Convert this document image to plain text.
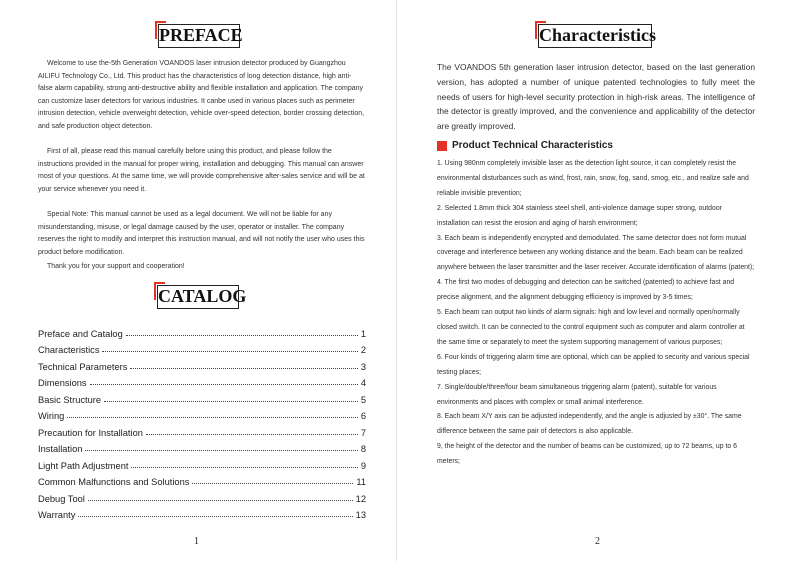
PREFACE

Welcome to use the-5th Generation VOANDOS laser intrusion detector produced by Guangzhou AILIFU Technology Co., Ltd. This product has the characteristics of long detection distance, high anti-false alarm capability, strong anti-destructive ability and flexible installation and application. The company can customize laser detectors for various industries. It canbe used in various places such as perimeter intrusion detection, vehicle overweight detection, vehicle over-speed detection, border crossing detection, and safe production object detection.

First of all, please read this manual carefully before using this product, and please follow the instructions provided in the manual for proper wiring, installation and debugging. This manual can answer most of your questions. At the same time, we will provide comprehensive after-sales service and will be at your service whenever you need it.

Special Note: This manual cannot be used as a legal document. We will not be liable for any misunderstanding, misuse, or legal damage caused by the user, operator or installer. The company reserves the right to modify and interpret this instruction manual, and will not notify the user who uses this product before modification.

Thank you for your support and cooperation!

CATALOG
Preface and Catalog	1
Characteristics	2
Technical Parameters	3
Dimensions	4
Basic Structure	5
Wiring	6
Precaution for Installation	7
Installation	8
Light Path Adjustment	9
Common Malfunctions and Solutions	11
Debug Tool	12
Warranty	13
1
Characteristics

The VOANDOS 5th generation laser intrusion detector, based on the last generation version, has adopted a number of unique patented technologies to fully meet the needs of users for high-level security protection in high-risk areas. The intelligence of the detector is greatly improved, and the convenience and applicability of the detector are greatly improved.

Product Technical Characteristics

1. Using 980nm completely invisible laser as the detection light source, it can completely resist the environmental disturbances such as wind, frost, rain, snow, fog, sand, smog, etc., and realize safe and reliable invisible prevention;

2. Selected 1.8mm thick 304 stainless steel shell, anti-violence damage super strong, outdoor installation can resist the erosion and aging of harsh environment;

3. Each beam is independently encrypted and demodulated. The same detector does not form mutual coverage and interference between any working distance and the beam. Each beam can be realized anywhere between the laser transmitter and the laser receiver. Accurate identification of alarms (patent);

4. The first two modes of debugging and detection can be switched (patented) to achieve fast and precise alignment, and the alignment debugging efficiency is improved by 3-5 times;

5. Each beam can output two kinds of alarm signals: high and low level and normally open/normally closed switch. It can be connected to the control equipment such as computer and alarm controller at the same time or separately to meet the system supporting management of various purposes;

6. Four kinds of triggering alarm time are optional, which can be applied to security and various special testing places;

7. Single/double/three/four beam simultaneous triggering alarm (patent), suitable for various environments and places with complex or small animal interference.

8. Each beam X/Y axis can be adjusted independently, and the angle is adjusted by ±30°. The same difference between the same pair of detectors is also applicable.

9, the height of the detector and the number of beams can be customized, up to 72 beams, up to 6 meters;

2
